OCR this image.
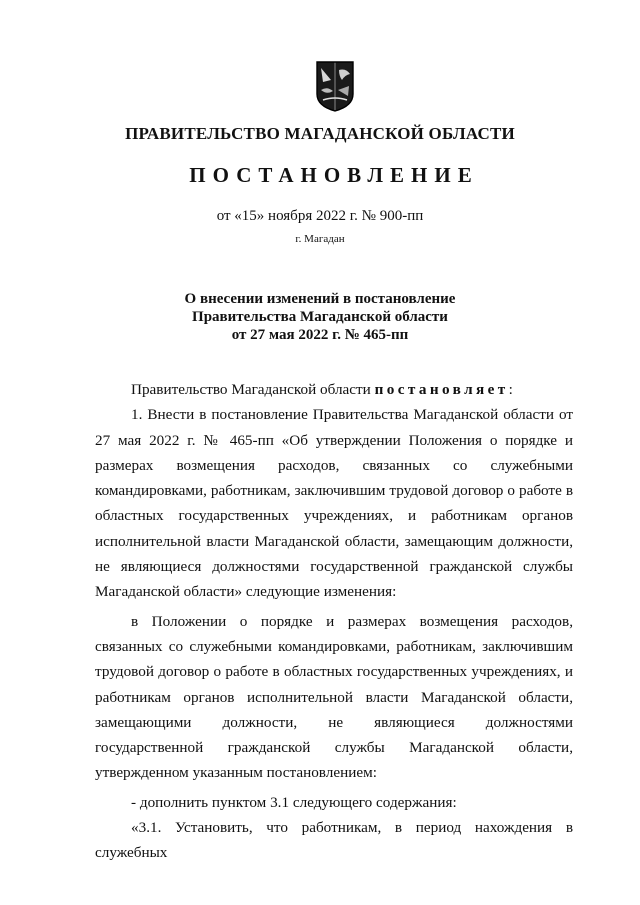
ПРАВИТЕЛЬСТВО МАГАДАНСКОЙ ОБЛАСТИ
ПОСТАНОВЛЕНИЕ
от «15» ноября 2022 г. № 900-пп
г. Магадан
О внесении изменений в постановление
Правительства Магаданской области
от 27 мая 2022 г. № 465-пп
Правительство Магаданской области постановляет:
1. Внести в постановление Правительства Магаданской области от 27 мая 2022 г. № 465-пп «Об утверждении Положения о порядке и размерах возмещения расходов, связанных со служебными командировками, работникам, заключившим трудовой договор о работе в областных государственных учреждениях, и работникам органов исполнительной власти Магаданской области, замещающим должности, не являющиеся должностями государственной гражданской службы Магаданской области» следующие изменения:
в Положении о порядке и размерах возмещения расходов, связанных со служебными командировками, работникам, заключившим трудовой договор о работе в областных государственных учреждениях, и работникам органов исполнительной власти Магаданской области, замещающими должности, не являющиеся должностями государственной гражданской службы Магаданской области, утвержденном указанным постановлением:
- дополнить пунктом 3.1 следующего содержания:
«3.1. Установить, что работникам, в период нахождения в служебных
